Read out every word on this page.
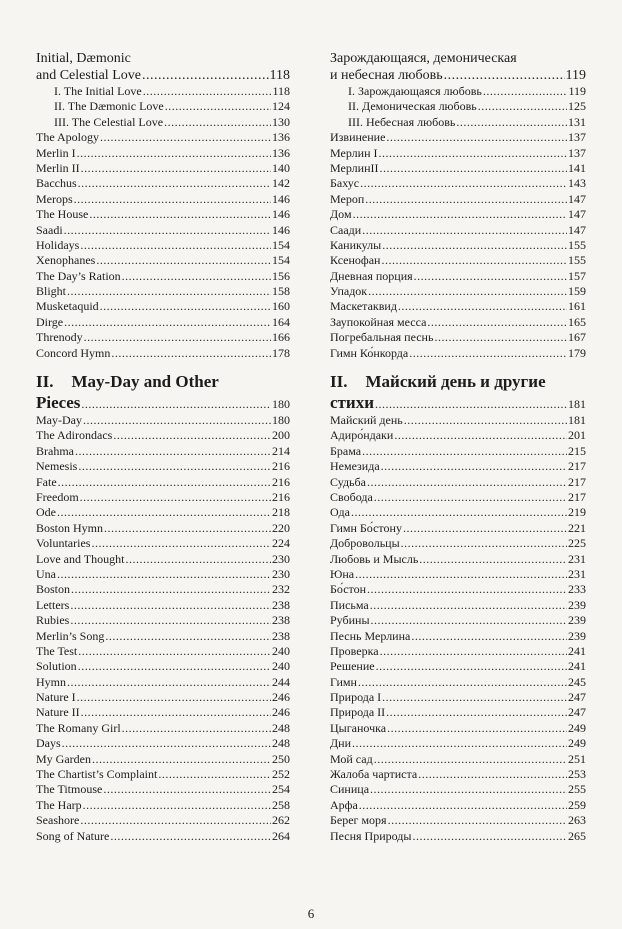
Initial, Dæmonic
and Celestial Love .....	118
I. The Initial Love .....	118
II. The Dæmonic Love .....	124
III. The Celestial Love .....	130
The Apology .....	136
Merlin I .....	136
Merlin II .....	140
Bacchus .....	142
Merops .....	146
The House .....	146
Saadi .....	146
Holidays .....	154
Xenophanes .....	154
The Day’s Ration .....	156
Blight .....	158
Musketaquid .....	160
Dirge .....	164
Threnody .....	166
Concord Hymn .....	178
II. May-Day and Other
Pieces .....	180
May-Day .....	180
The Adirondacs .....	200
Brahma .....	214
Nemesis .....	216
Fate .....	216
Freedom .....	216
Ode .....	218
Boston Hymn .....	220
Voluntaries .....	224
Love and Thought .....	230
Una .....	230
Boston .....	232
Letters .....	238
Rubies .....	238
Merlin’s Song .....	238
The Test .....	240
Solution .....	240
Hymn .....	244
Nature I .....	246
Nature II .....	246
The Romany Girl .....	248
Days .....	248
My Garden .....	250
The Chartist’s Complaint .....	252
The Titmouse .....	254
The Harp .....	258
Seashore .....	262
Song of Nature .....	264
Зарождающаяся, демоническая
и небесная любовь .....	119
I. Зарождающаяся любовь .....	119
II. Демоническая любовь .....	125
III. Небесная любовь .....	131
Извинение .....	137
Мерлин I .....	137
МерлинII .....	141
Бахус .....	143
Мероп .....	147
Дом .....	147
Саади .....	147
Каникулы .....	155
Ксенофан .....	155
Дневная порция .....	157
Упадок .....	159
Маскетаквид .....	161
Заупокойная месса .....	165
Погребальная песнь .....	167
Гимн Ко́нкорда .....	179
II. Майский день и другие
стихи .....	181
Майский день .....	181
Адиро́ндаки .....	201
Брама .....	215
Немезида .....	217
Судьба .....	217
Свобода .....	217
Ода .....	219
Гимн Бо́стону .....	221
Добровольцы .....	225
Любовь и Мысль .....	231
Юна .....	231
Бо́стон .....	233
Письма .....	239
Рубины .....	239
Песнь Мерлина .....	239
Проверка .....	241
Решение .....	241
Гимн .....	245
Природа I .....	247
Природа II .....	247
Цыганочка .....	249
Дни .....	249
Мой сад .....	251
Жалоба чартиста .....	253
Синица .....	255
Арфа .....	259
Берег моря .....	263
Песня Природы .....	265
6
